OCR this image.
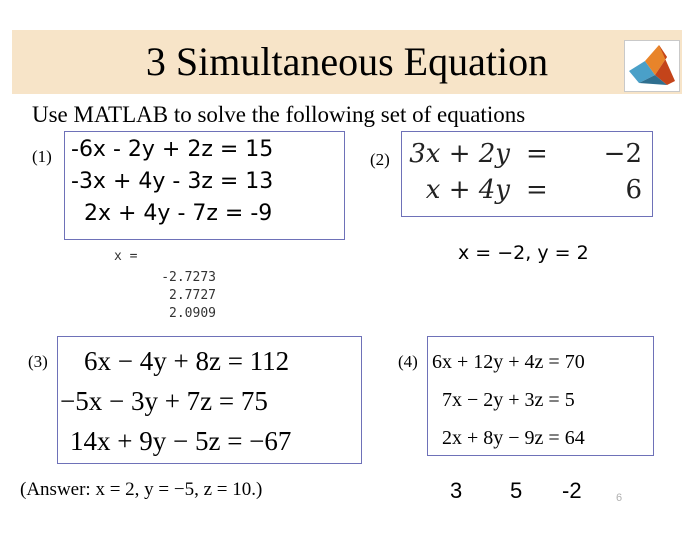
3 Simultaneous Equation
Use MATLAB to solve the following set of equations
(1) -6x - 2y + 2z = 15
-3x + 4y - 3z = 13
2x + 4y - 7z = -9
(2) 3x + 2y = −2
x + 4y =	6
x =
-2.7273
2.7727
2.0909
x = −2, y = 2
(3)	6x − 4y + 8z = 112
−5x − 3y + 7z = 75
14x + 9y − 5z = −67
(4) 6x + 12y + 4z = 70
7x − 2y + 3z = 5
2x + 8y − 9z = 64
(Answer: x = 2, y = −5, z = 10.)	3 5 -2	6
